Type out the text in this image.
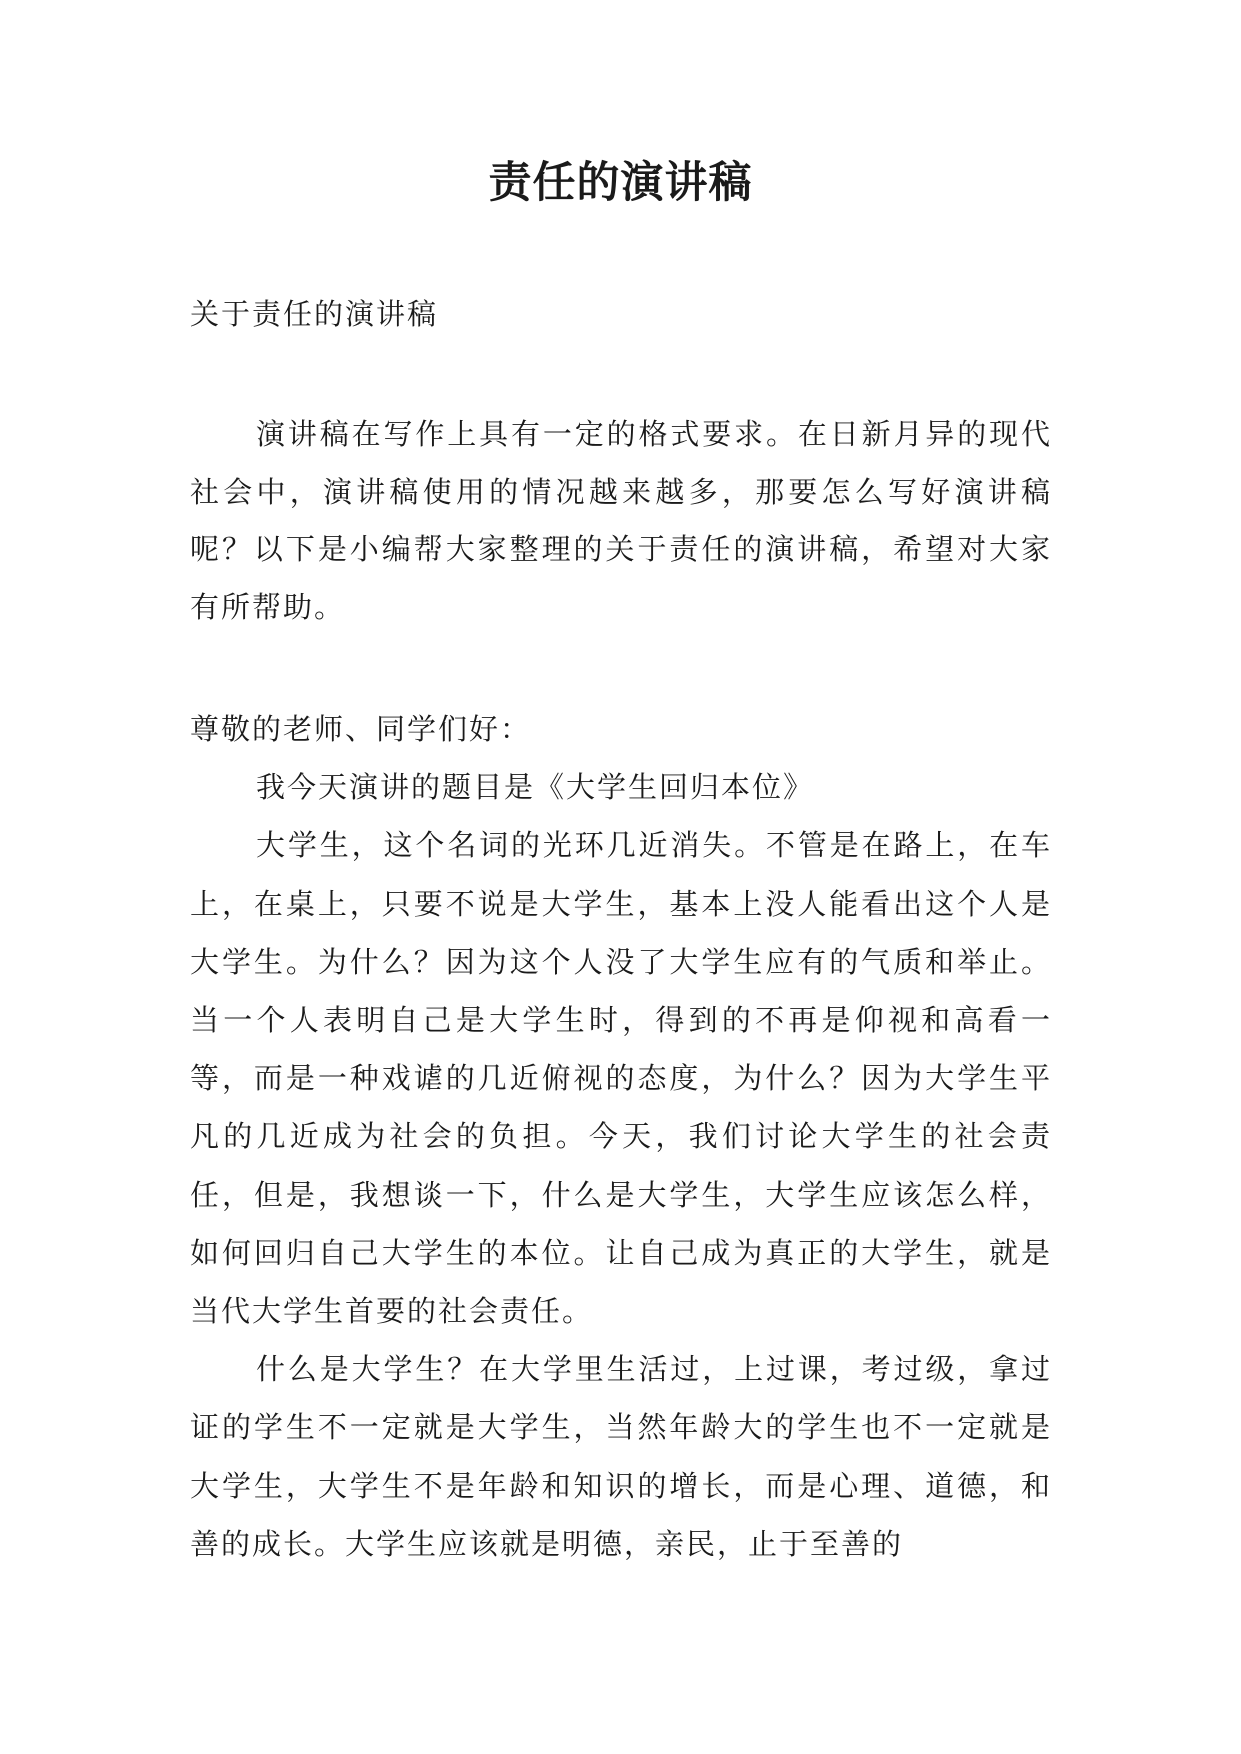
责任的演讲稿

关于责任的演讲稿

演讲稿在写作上具有一定的格式要求。在日新月异的现代社会中，演讲稿使用的情况越来越多，那要怎么写好演讲稿呢？以下是小编帮大家整理的关于责任的演讲稿，希望对大家有所帮助。

尊敬的老师、同学们好：

我今天演讲的题目是《大学生回归本位》

大学生，这个名词的光环几近消失。不管是在路上，在车上，在桌上，只要不说是大学生，基本上没人能看出这个人是大学生。为什么？因为这个人没了大学生应有的气质和举止。当一个人表明自己是大学生时，得到的不再是仰视和高看一等，而是一种戏谑的几近俯视的态度，为什么？因为大学生平凡的几近成为社会的负担。今天，我们讨论大学生的社会责任，但是，我想谈一下，什么是大学生，大学生应该怎么样，如何回归自己大学生的本位。让自己成为真正的大学生，就是当代大学生首要的社会责任。

什么是大学生？在大学里生活过，上过课，考过级，拿过证的学生不一定就是大学生，当然年龄大的学生也不一定就是大学生，大学生不是年龄和知识的增长，而是心理、道德，和善的成长。大学生应该就是明德，亲民，止于至善的
